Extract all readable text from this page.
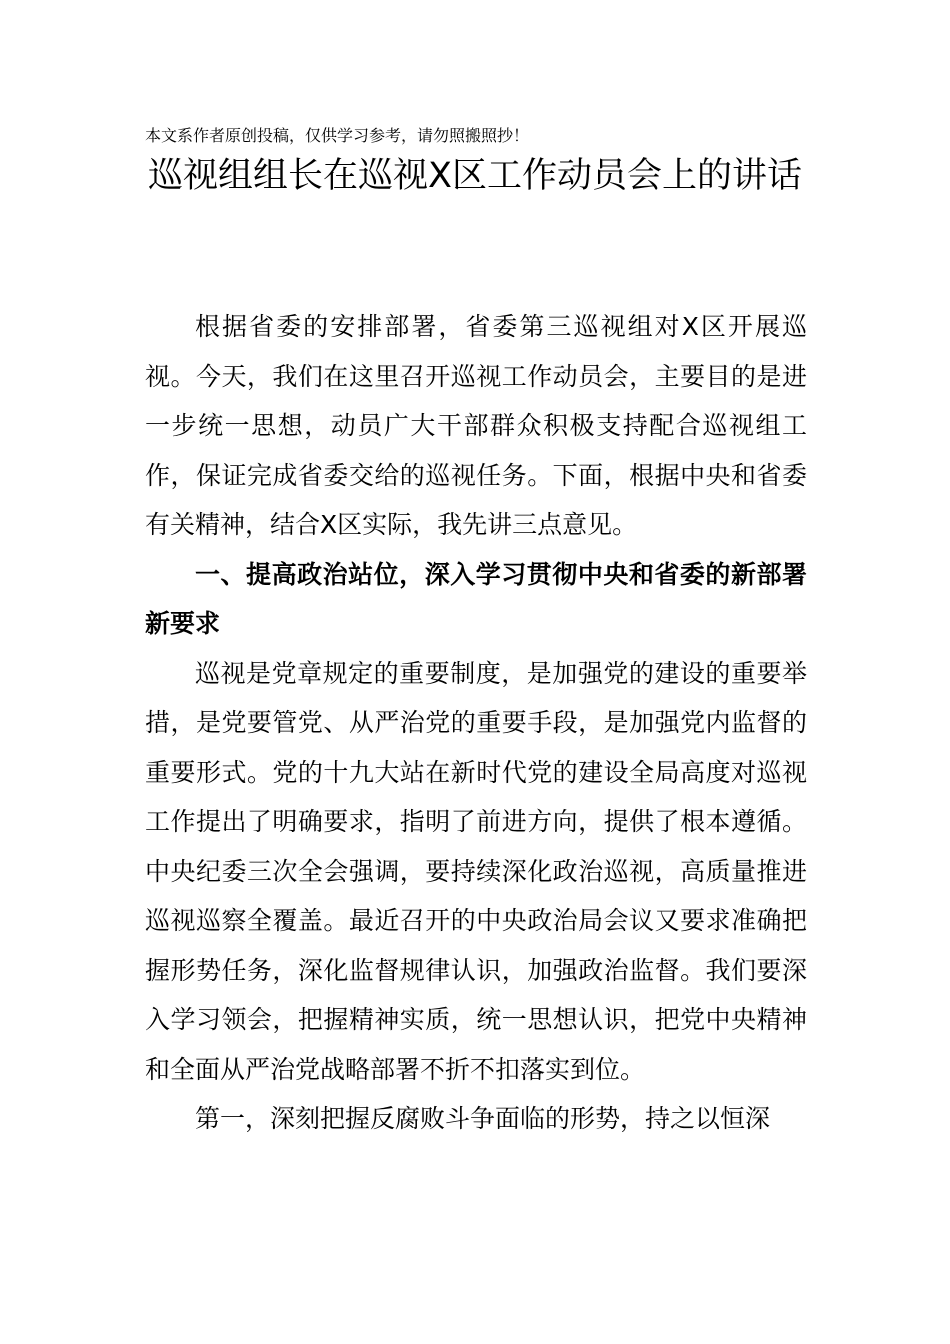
本文系作者原创投稿，仅供学习参考，请勿照搬照抄！
巡视组组长在巡视X区工作动员会上的讲话

根据省委的安排部署，省委第三巡视组对X区开展巡视。今天，我们在这里召开巡视工作动员会，主要目的是进一步统一思想，动员广大干部群众积极支持配合巡视组工作，保证完成省委交给的巡视任务。下面，根据中央和省委有关精神，结合X区实际，我先讲三点意见。

一、提高政治站位，深入学习贯彻中央和省委的新部署新要求

巡视是党章规定的重要制度，是加强党的建设的重要举措，是党要管党、从严治党的重要手段，是加强党内监督的重要形式。党的十九大站在新时代党的建设全局高度对巡视工作提出了明确要求，指明了前进方向，提供了根本遵循。中央纪委三次全会强调，要持续深化政治巡视，高质量推进巡视巡察全覆盖。最近召开的中央政治局会议又要求准确把握形势任务，深化监督规律认识，加强政治监督。我们要深入学习领会，把握精神实质，统一思想认识，把党中央精神和全面从严治党战略部署不折不扣落实到位。

第一，深刻把握反腐败斗争面临的形势，持之以恒深
